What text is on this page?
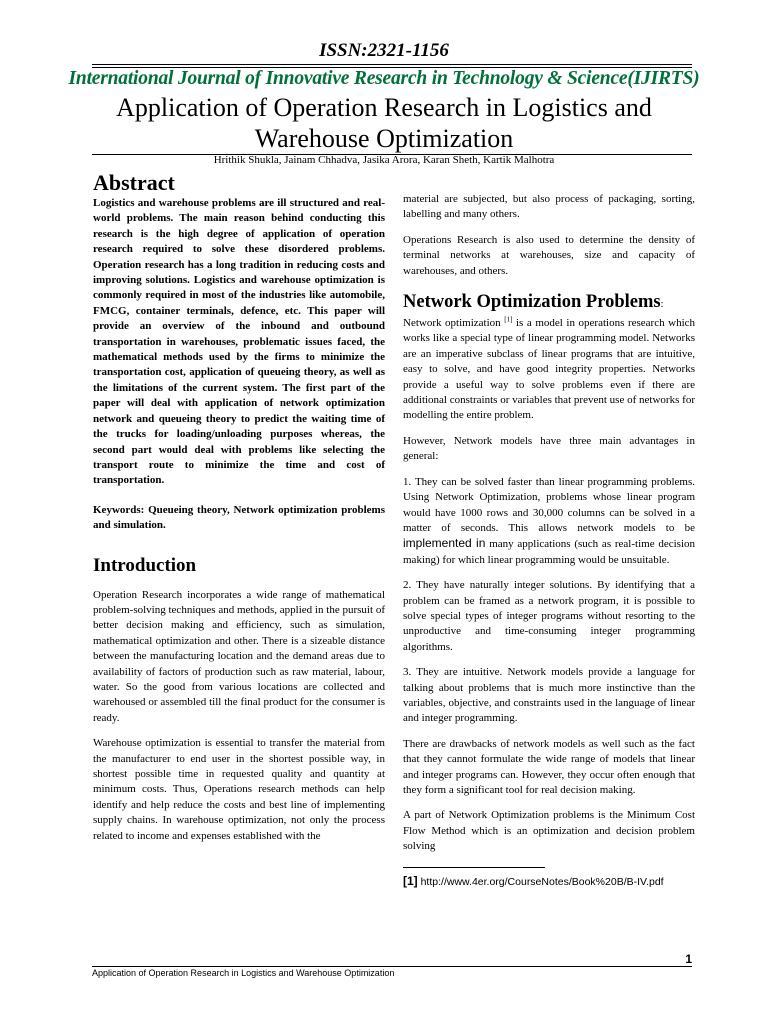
ISSN:2321-1156
International Journal of Innovative Research in Technology & Science(IJIRTS)
Application of Operation Research in Logistics and Warehouse Optimization
Hrithik Shukla, Jainam Chhadva, Jasika Arora, Karan Sheth, Kartik Malhotra
Abstract

Logistics and warehouse problems are ill structured and real- world problems. The main reason behind conducting this research is the high degree of application of operation research required to solve these disordered problems. Operation research has a long tradition in reducing costs and improving solutions. Logistics and warehouse optimization is commonly required in most of the industries like automobile, FMCG, container terminals, defence, etc. This paper will provide an overview of the inbound and outbound transportation in warehouses, problematic issues faced, the mathematical methods used by the firms to minimize the transportation cost, application of queueing theory, as well as the limitations of the current system. The first part of the paper will deal with application of network optimization network and queueing theory to predict the waiting time of the trucks for loading/unloading purposes whereas, the second part would deal with problems like selecting the transport route to minimize the time and cost of transportation.

Keywords: Queueing theory, Network optimization problems and simulation.

Introduction

Operation Research incorporates a wide range of mathematical problem-solving techniques and methods, applied in the pursuit of better decision making and efficiency, such as simulation, mathematical optimization and other. There is a sizeable distance between the manufacturing location and the demand areas due to availability of factors of production such as raw material, labour, water. So the good from various locations are collected and warehoused or assembled till the final product for the consumer is ready.

Warehouse optimization is essential to transfer the material from the manufacturer to end user in the shortest possible way, in shortest possible time in requested quality and quantity at minimum costs. Thus, Operations research methods can help identify and help reduce the costs and best line of implementing supply chains. In warehouse optimization, not only the process related to income and expenses established with the

material are subjected, but also process of packaging, sorting, labelling and many others.

Operations Research is also used to determine the density of terminal networks at warehouses, size and capacity of warehouses, and others.

Network Optimization Problems:

Network optimization [1] is a model in operations research which works like a special type of linear programming model. Networks are an imperative subclass of linear programs that are intuitive, easy to solve, and have good integrity properties. Networks provide a useful way to solve problems even if there are additional constraints or variables that prevent use of networks for modelling the entire problem.

However, Network models have three main advantages in general:

1. They can be solved faster than linear programming problems. Using Network Optimization, problems whose linear program would have 1000 rows and 30,000 columns can be solved in a matter of seconds. This allows network models to be implemented in many applications (such as real-time decision making) for which linear programming would be unsuitable.

2. They have naturally integer solutions. By identifying that a problem can be framed as a network program, it is possible to solve special types of integer programs without resorting to the unproductive and time-consuming integer programming algorithms.

3. They are intuitive. Network models provide a language for talking about problems that is much more instinctive than the variables, objective, and constraints used in the language of linear and integer programming.

There are drawbacks of network models as well such as the fact that they cannot formulate the wide range of models that linear and integer programs can. However, they occur often enough that they form a significant tool for real decision making.

A part of Network Optimization problems is the Minimum Cost Flow Method which is an optimization and decision problem solving

[1] http://www.4er.org/CourseNotes/Book%20B/B-IV.pdf
1
Application of Operation Research in Logistics and Warehouse Optimization
